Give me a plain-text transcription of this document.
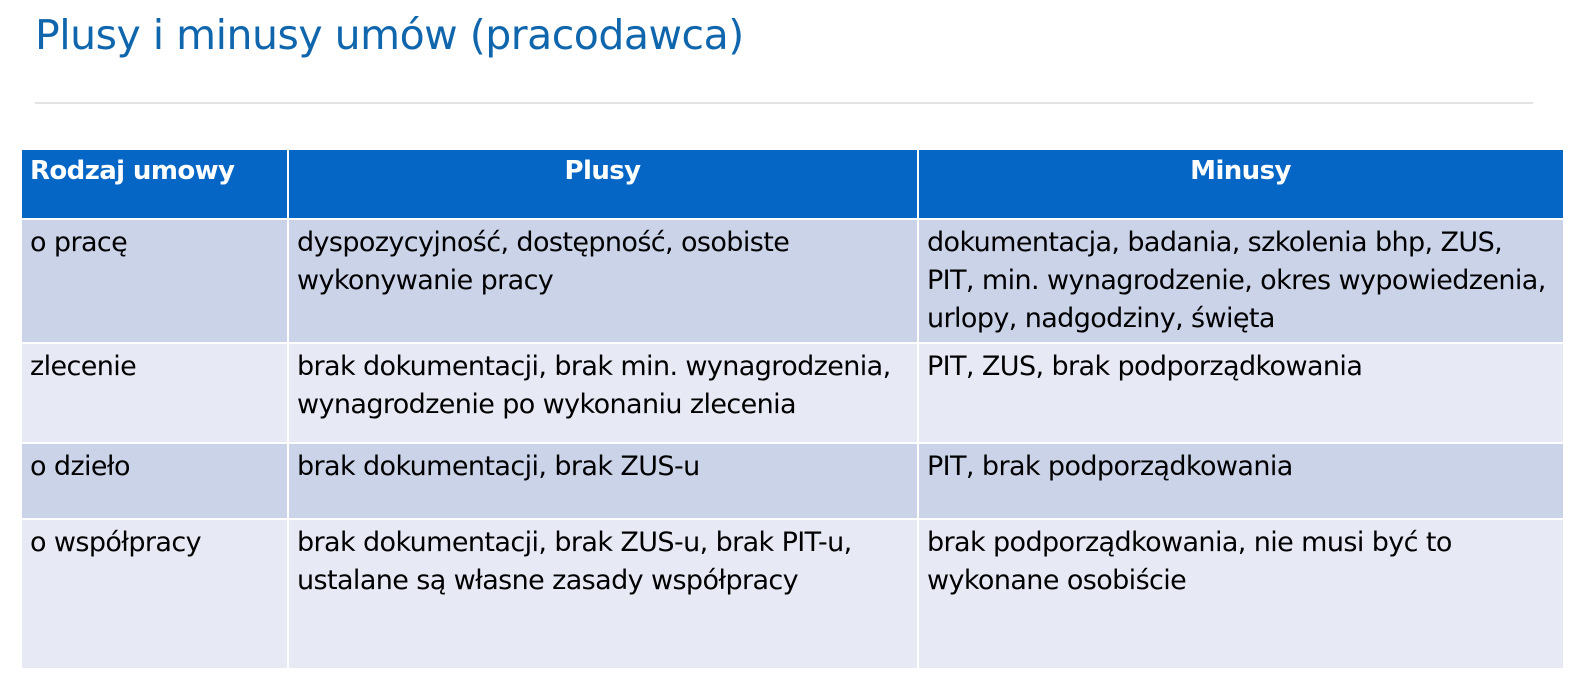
Plusy i minusy umów (pracodawca)
Rodzaj umowy	Plusy	Minusy
o pracę	dyspozycyjność, dostępność, osobiste wykonywanie pracy	dokumentacja, badania, szkolenia bhp, ZUS, PIT, min. wynagrodzenie, okres wypowiedzenia, urlopy, nadgodziny, święta
zlecenie	brak dokumentacji, brak min. wynagrodzenia, wynagrodzenie po wykonaniu zlecenia	PIT, ZUS, brak podporządkowania
o dzieło	brak dokumentacji, brak ZUS-u	PIT, brak podporządkowania
o współpracy	brak dokumentacji, brak ZUS-u, brak PIT-u, ustalane są własne zasady współpracy	brak podporządkowania, nie musi być to wykonane osobiście
